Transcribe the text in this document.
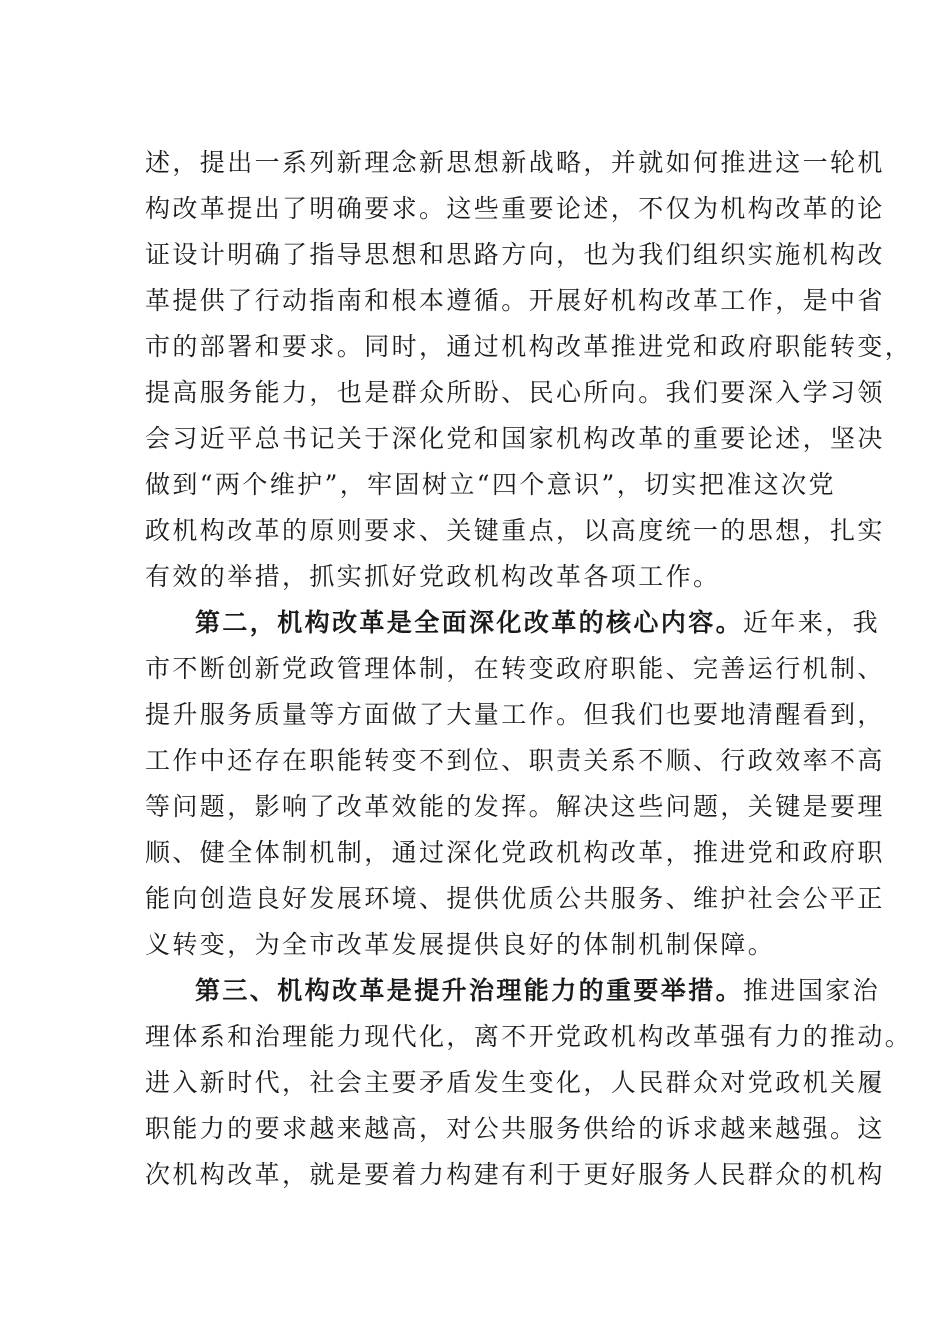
述，提出一系列新理念新思想新战略，并就如何推进这一轮机
构改革提出了明确要求。这些重要论述，不仅为机构改革的论
证设计明确了指导思想和思路方向，也为我们组织实施机构改
革提供了行动指南和根本遵循。开展好机构改革工作，是中省
市的部署和要求。同时，通过机构改革推进党和政府职能转变，
提高服务能力，也是群众所盼、民心所向。我们要深入学习领
会习近平总书记关于深化党和国家机构改革的重要论述，坚决
做到“两个维护”，牢固树立“四个意识”，切实把准这次党
政机构改革的原则要求、关键重点，以高度统一的思想，扎实
有效的举措，抓实抓好党政机构改革各项工作。
第二，机构改革是全面深化改革的核心内容。近年来，我
市不断创新党政管理体制，在转变政府职能、完善运行机制、
提升服务质量等方面做了大量工作。但我们也要地清醒看到，
工作中还存在职能转变不到位、职责关系不顺、行政效率不高
等问题，影响了改革效能的发挥。解决这些问题，关键是要理
顺、健全体制机制，通过深化党政机构改革，推进党和政府职
能向创造良好发展环境、提供优质公共服务、维护社会公平正
义转变，为全市改革发展提供良好的体制机制保障。
第三、机构改革是提升治理能力的重要举措。推进国家治
理体系和治理能力现代化，离不开党政机构改革强有力的推动。
进入新时代，社会主要矛盾发生变化，人民群众对党政机关履
职能力的要求越来越高，对公共服务供给的诉求越来越强。这
次机构改革，就是要着力构建有利于更好服务人民群众的机构
